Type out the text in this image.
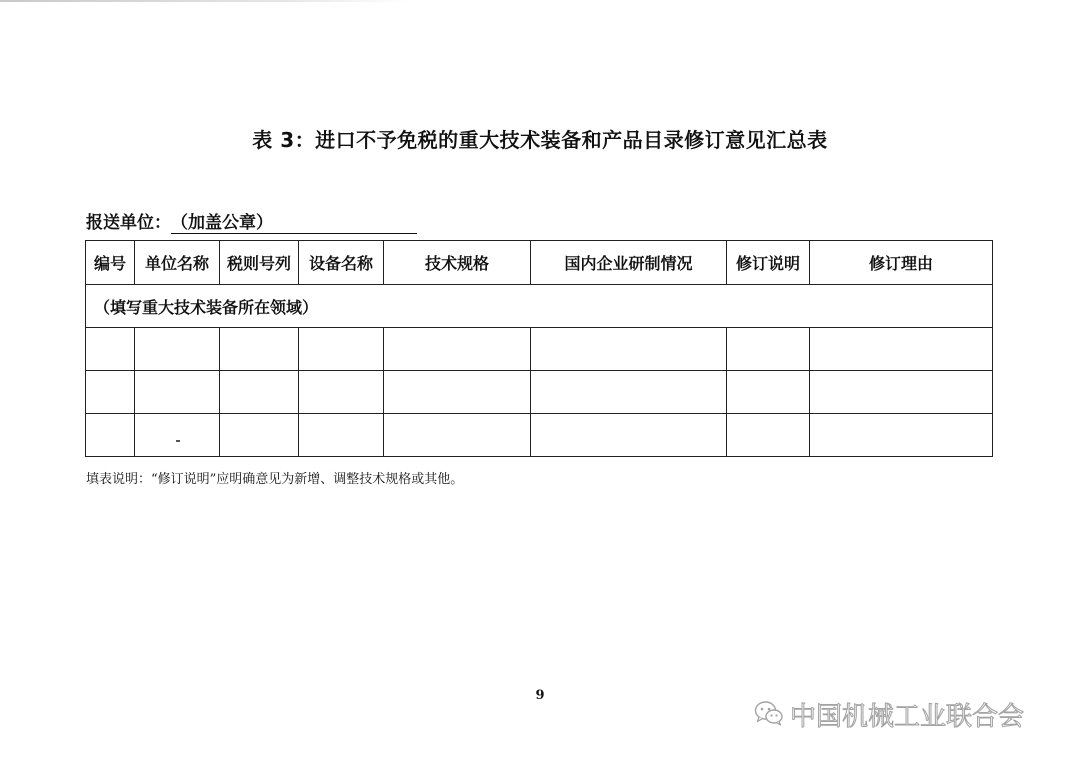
表 3：进口不予免税的重大技术装备和产品目录修订意见汇总表
报送单位：（加盖公章）
编号	单位名称	税则号列	设备名称	技术规格	国内企业研制情况	修订说明	修订理由
（填写重大技术装备所在领域）							

填表说明：“修订说明”应明确意见为新增、调整技术规格或其他。
9
中国机械工业联合会
